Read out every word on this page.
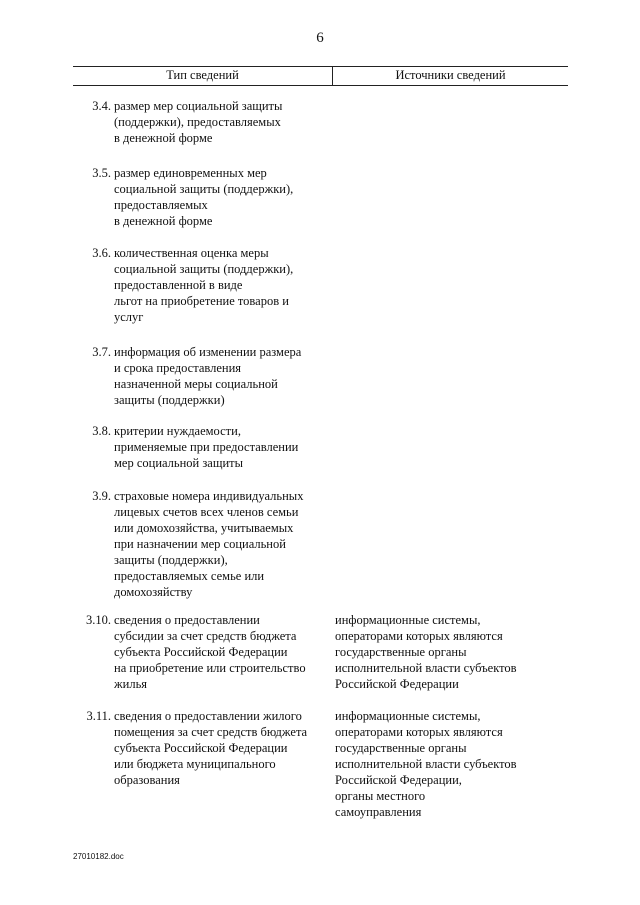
6
Тип сведений	Источники сведений
3.4. размер мер социальной защиты
(поддержки), предоставляемых
в денежной форме
3.5. размер единовременных мер
социальной защиты (поддержки),
предоставляемых
в денежной форме
3.6. количественная оценка меры
социальной защиты (поддержки),
предоставленной в виде
льгот на приобретение товаров и
услуг
3.7. информация об изменении размера
и срока предоставления
назначенной меры социальной
защиты (поддержки)
3.8. критерии нуждаемости,
применяемые при предоставлении
мер социальной защиты
3.9. страховые номера индивидуальных
лицевых счетов всех членов семьи
или домохозяйства, учитываемых
при назначении мер социальной
защиты (поддержки),
предоставляемых семье или
домохозяйству
3.10. сведения о предоставлении
субсидии за счет средств бюджета
субъекта Российской Федерации
на приобретение или строительство
жилья
информационные системы,
операторами которых являются
государственные органы
исполнительной власти субъектов
Российской Федерации
3.11. сведения о предоставлении жилого
помещения за счет средств бюджета
субъекта Российской Федерации
или бюджета муниципального
образования
информационные системы,
операторами которых являются
государственные органы
исполнительной власти субъектов
Российской Федерации,
органы местного
самоуправления
27010182.doc
